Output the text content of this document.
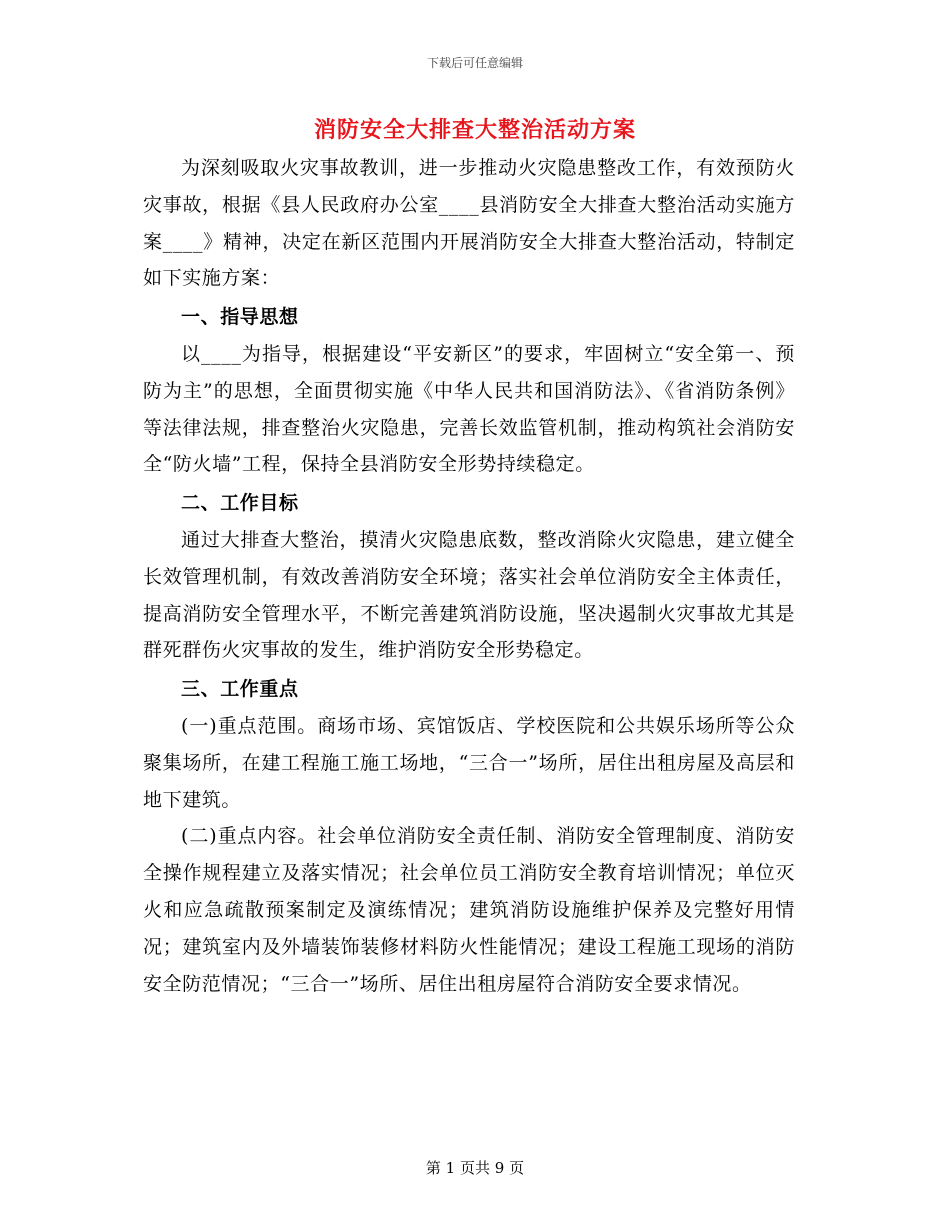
下载后可任意编辑
消防安全大排查大整治活动方案

为深刻吸取火灾事故教训，进一步推动火灾隐患整改工作，有效预防火灾事故，根据《县人民政府办公室____县消防安全大排查大整治活动实施方案____》精神，决定在新区范围内开展消防安全大排查大整治活动，特制定如下实施方案：

一、指导思想

以____为指导，根据建设“平安新区”的要求，牢固树立“安全第一、预防为主”的思想，全面贯彻实施《中华人民共和国消防法》、《省消防条例》等法律法规，排查整治火灾隐患，完善长效监管机制，推动构筑社会消防安全“防火墙”工程，保持全县消防安全形势持续稳定。

二、工作目标

通过大排查大整治，摸清火灾隐患底数，整改消除火灾隐患，建立健全长效管理机制，有效改善消防安全环境；落实社会单位消防安全主体责任，提高消防安全管理水平，不断完善建筑消防设施，坚决遏制火灾事故尤其是群死群伤火灾事故的发生，维护消防安全形势稳定。

三、工作重点

(一)重点范围。商场市场、宾馆饭店、学校医院和公共娱乐场所等公众聚集场所，在建工程施工施工场地，“三合一”场所，居住出租房屋及高层和地下建筑。

(二)重点内容。社会单位消防安全责任制、消防安全管理制度、消防安全操作规程建立及落实情况；社会单位员工消防安全教育培训情况；单位灭火和应急疏散预案制定及演练情况；建筑消防设施维护保养及完整好用情况；建筑室内及外墙装饰装修材料防火性能情况；建设工程施工现场的消防安全防范情况；“三合一”场所、居住出租房屋符合消防安全要求情况。

第 1 页共 9 页
